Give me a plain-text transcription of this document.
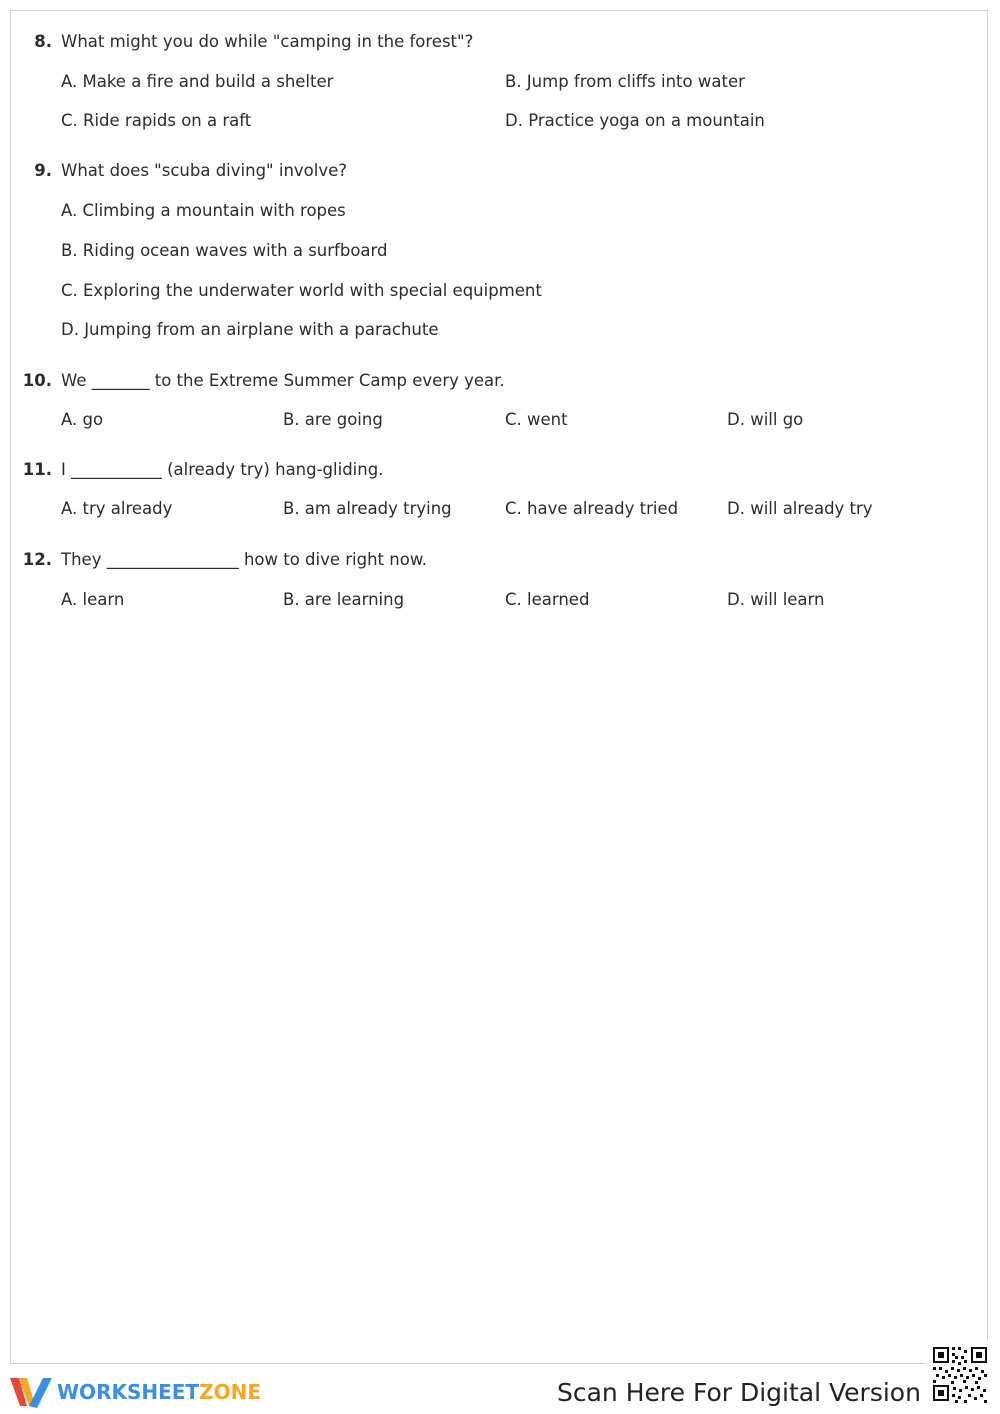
8. What might you do while "camping in the forest"?
A. Make a fire and build a shelter	B. Jump from cliffs into water
C. Ride rapids on a raft	D. Practice yoga on a mountain
9. What does "scuba diving" involve?
A. Climbing a mountain with ropes
B. Riding ocean waves with a surfboard
C. Exploring the underwater world with special equipment
D. Jumping from an airplane with a parachute
10. We _______ to the Extreme Summer Camp every year.
A. go	B. are going	C. went	D. will go
11. I ___________ (already try) hang-gliding.
A. try already	B. am already trying	C. have already tried	D. will already try
12. They ________________ how to dive right now.
A. learn	B. are learning	C. learned	D. will learn
WORKSHEETZONE	Scan Here For Digital Version
